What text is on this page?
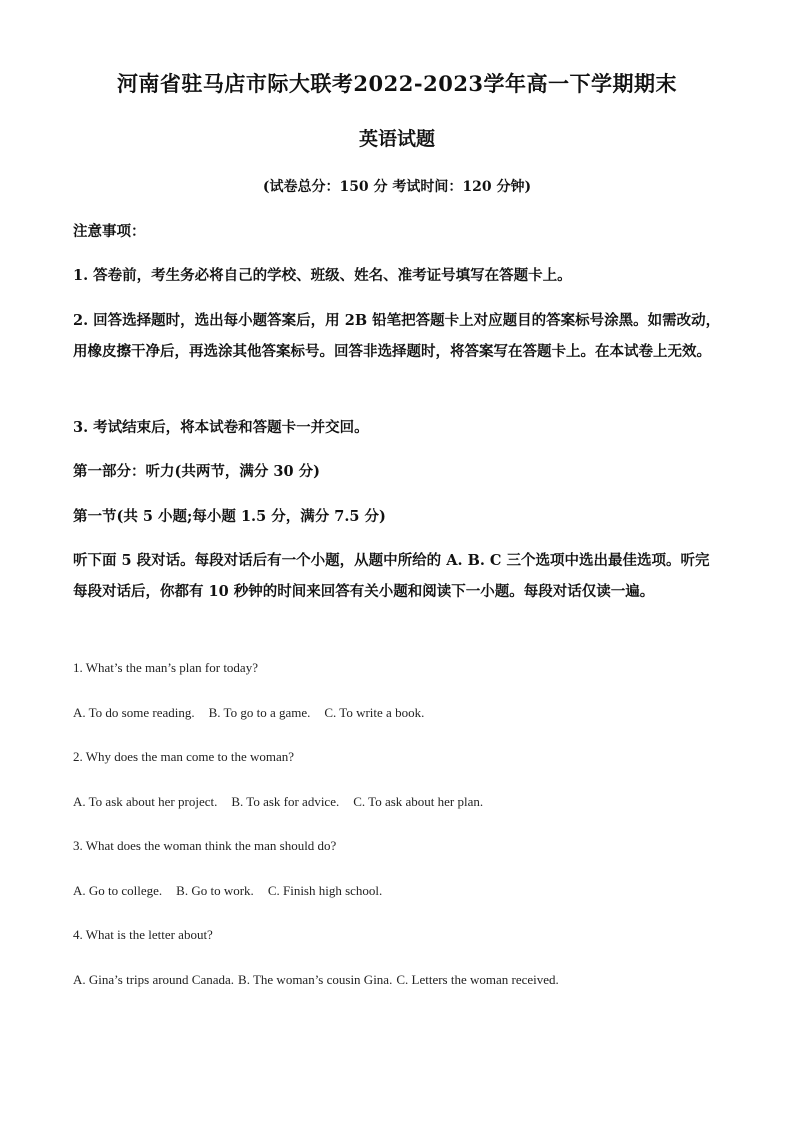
河南省驻马店市际大联考2022-2023学年高一下学期期末
英语试题
(试卷总分：150 分 考试时间：120 分钟)
注意事项：
1. 答卷前，考生务必将自己的学校、班级、姓名、准考证号填写在答题卡上。
2. 回答选择题时，选出每小题答案后，用 2B 铅笔把答题卡上对应题目的答案标号涂黑。如需改动，用橡皮擦干净后，再选涂其他答案标号。回答非选择题时，将答案写在答题卡上。在本试卷上无效。
3. 考试结束后，将本试卷和答题卡一并交回。
第一部分：听力(共两节，满分 30 分)
第一节(共 5 小题;每小题 1.5 分，满分 7.5 分)
听下面 5 段对话。每段对话后有一个小题，从题中所给的 A. B. C 三个选项中选出最佳选项。听完每段对话后，你都有 10 秒钟的时间来回答有关小题和阅读下一小题。每段对话仅读一遍。
1. What’s the man’s plan for today?
A. To do some reading. B. To go to a game. C. To write a book.
2. Why does the man come to the woman?
A. To ask about her project. B. To ask for advice. C. To ask about her plan.
3. What does the woman think the man should do?
A. Go to college. B. Go to work. C. Finish high school.
4. What is the letter about?
A. Gina’s trips around Canada. B. The woman’s cousin Gina. C. Letters the woman received.
